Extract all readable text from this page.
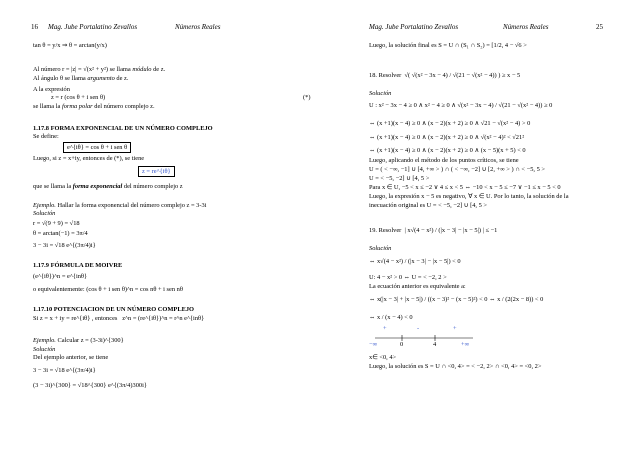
16 Mag. Jube Portalatino Zevallos	Números Reales	Mag. Jube Portalatino Zevallos	Números Reales	25
tan θ = y/x ⇒ θ = arctan(y/x)
Al número r = |z| = √(x² + y²) se llama módulo de z.
Al ángulo θ se llama argumento de z.
A la expresión
z = r (cos θ + i sen θ)	(*)
se llama la forma polar del número complejo z.
1.17.8 FORMA EXPONENCIAL DE UN NÚMERO COMPLEJO
Se define:
e^{iθ} = cos θ + i sen θ
Luego, si z = x+iy, entonces de (*), se tiene
z = re^{iθ}
que se llama la forma exponencial del número complejo z
Ejemplo. Hallar la forma exponencial del número complejo z = 3-3i
Solución
r = √(9 + 9) = √18
θ = arctan(−1) = 3π/4
3 − 3i = √18 e^{(3π/4)i}
1.17.9 FÓRMULA DE MOIVRE
(e^{iθ})^n = e^{inθ}
o equivalentemente: (cos θ + i sen θ)^n = cos nθ + i sen nθ
1.17.10 POTENCIACION DE UN NÚMERO COMPLEJO
Si z = x + iy = re^{iθ} , entonces z^n = (re^{iθ})^n = r^n e^{inθ}
Ejemplo. Calcular z = (3-3i)^{300}
Solución
Del ejemplo anterior, se tiene
3 − 3i = √18 e^{(3π/4)i}
(3 − 3i)^{300} = √18^{300} e^{(3π/4)300i}
Luego, la solución final es S = U ∩ (S₁ ∩ S₂) = [1/2, 4 − √6 >
18. Resolver √( √(x² − 3x − 4) / √(21 − √(x² − 4)) ) ≥ x − 5
Solución
U : x² − 3x − 4 ≥ 0 ∧ x² − 4 ≥ 0 ∧ √(x² − 3x − 4) / √(21 − √(x² − 4)) ≥ 0
⇔ (x +1)(x − 4) ≥ 0 ∧ (x − 2)(x + 2) ≥ 0 ∧ √21 − √(x² − 4) > 0
⇔ (x +1)(x − 4) ≥ 0 ∧ (x − 2)(x + 2) ≥ 0 ∧ √(x² − 4)² < √21²
⇔ (x +1)(x − 4) ≥ 0 ∧ (x − 2)(x + 2) ≥ 0 ∧ (x − 5)(x + 5) < 0
Luego, aplicando el método de los puntos críticos, se tiene
U = ( < −∞, −1] ∪ [4, +∞ > ) ∩ ( < −∞, −2] ∪ [2, +∞ > ) ∩ < −5, 5 >
U = < −5, −2] ∪ [4, 5 >
Para x ∈ U, −5 < x ≤ −2 ∨ 4 ≤ x < 5 ⇔ −10 < x − 5 ≤ −7 ∨ −1 ≤ x − 5 < 0
Luego, la expresión x − 5 es negativo, ∀ x ∈ U. Por lo tanto, la solución de la
inecuación original es U = < −5, −2] ∪ [4, 5 >
19. Resolver | x√(4 − x²) / (|x − 3| − |x − 5|) | ≤ −1
Solución
⇔ x√(4 − x²) / (|x − 3| − |x − 5|) < 0
U: 4 − x² > 0 ⇔ U = < −2, 2 >
La ecuación anterior es equivalente a:
⇔ x(|x − 3| + |x − 5|) / ((x − 3)² − (x − 5)²) < 0 ⇔ x / (2(2x − 8)) < 0
⇔ x / (x − 4) < 0
+	-	+
−∞	0	4	+∞
x∈ <0, 4>
Luego, la solución es S = U ∩ <0, 4> = < −2, 2> ∩ <0, 4> = <0, 2>
